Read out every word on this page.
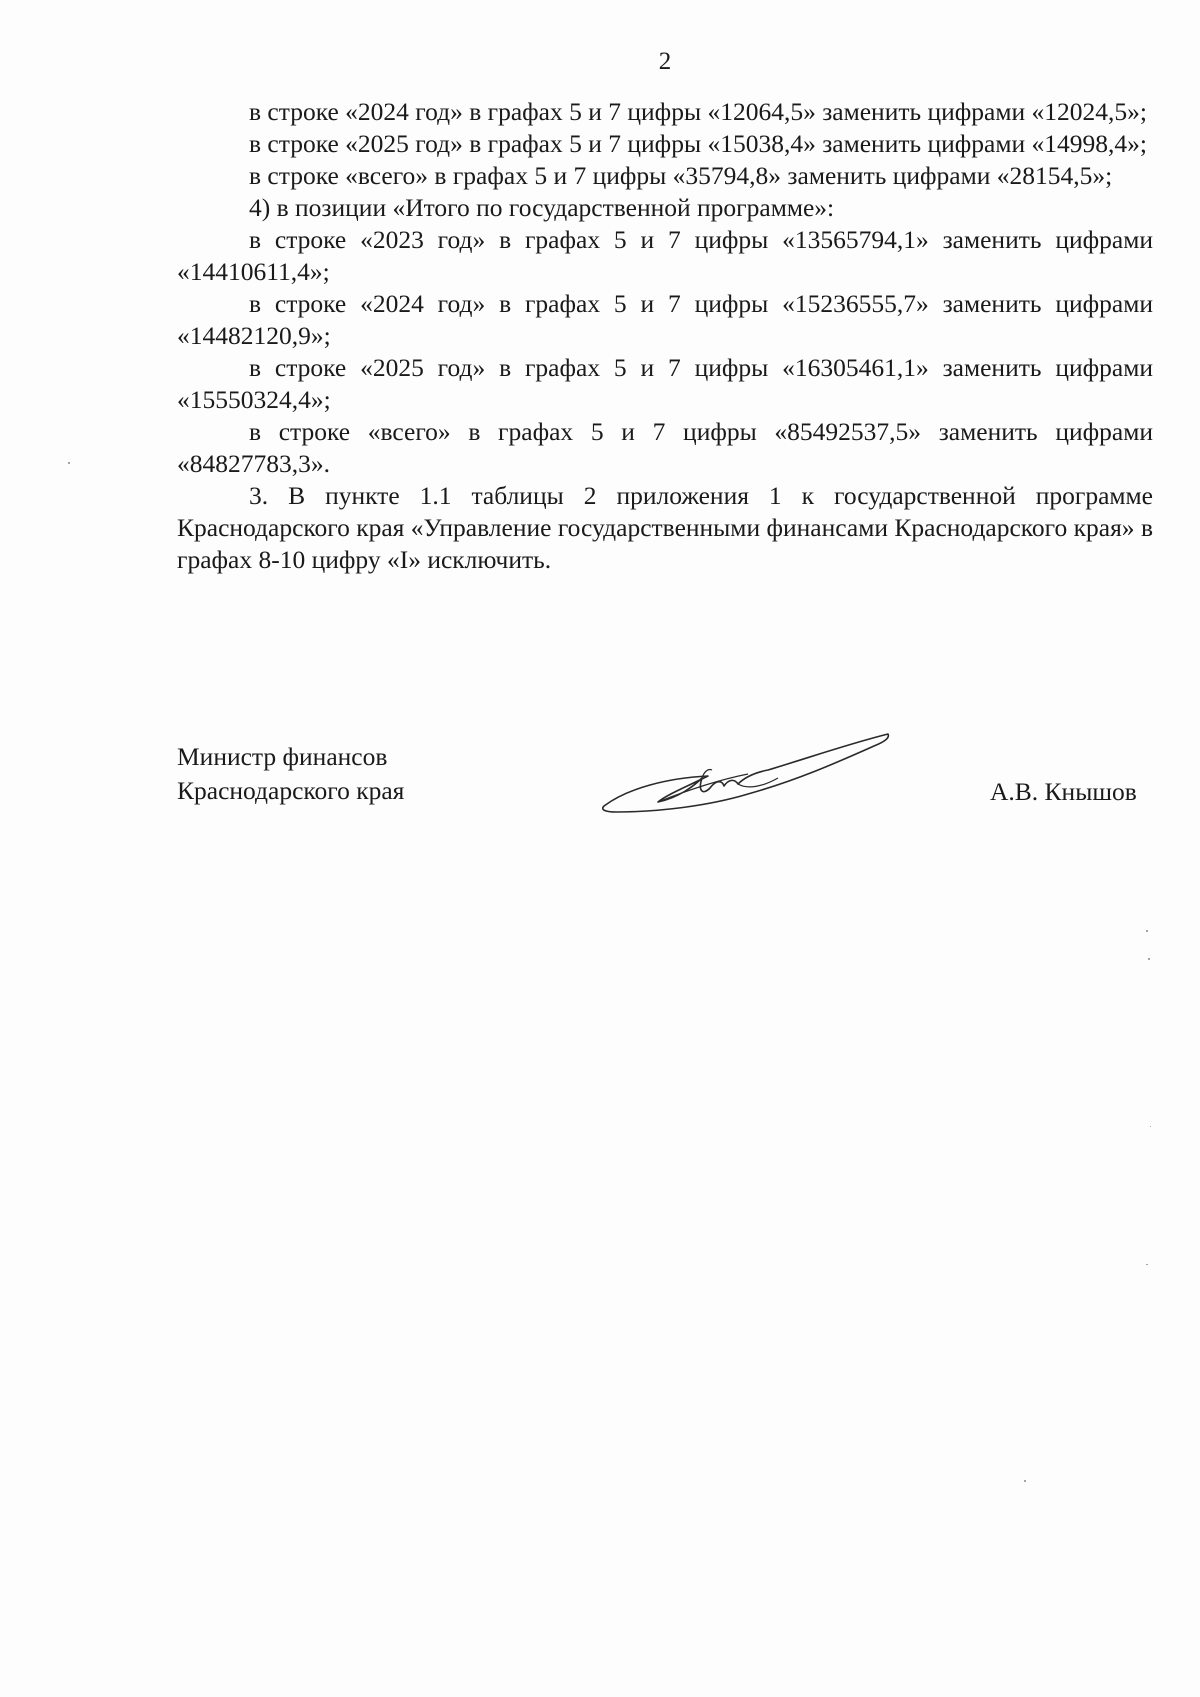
2

в строке «2024 год» в графах 5 и 7 цифры «12064,5» заменить цифрами «12024,5»;

в строке «2025 год» в графах 5 и 7 цифры «15038,4» заменить цифрами «14998,4»;

в строке «всего» в графах 5 и 7 цифры «35794,8» заменить цифрами «28154,5»;

4) в позиции «Итого по государственной программе»:

в строке «2023 год» в графах 5 и 7 цифры «13565794,1» заменить цифрами «14410611,4»;

в строке «2024 год» в графах 5 и 7 цифры «15236555,7» заменить цифрами «14482120,9»;

в строке «2025 год» в графах 5 и 7 цифры «16305461,1» заменить цифрами «15550324,4»;

в строке «всего» в графах 5 и 7 цифры «85492537,5» заменить цифрами «84827783,3».

3. В пункте 1.1 таблицы 2 приложения 1 к государственной программе Краснодарского края «Управление государственными финансами Краснодарского края» в графах 8-10 цифру «I» исключить.

Министр финансов
Краснодарского края	А.В. Кнышов
